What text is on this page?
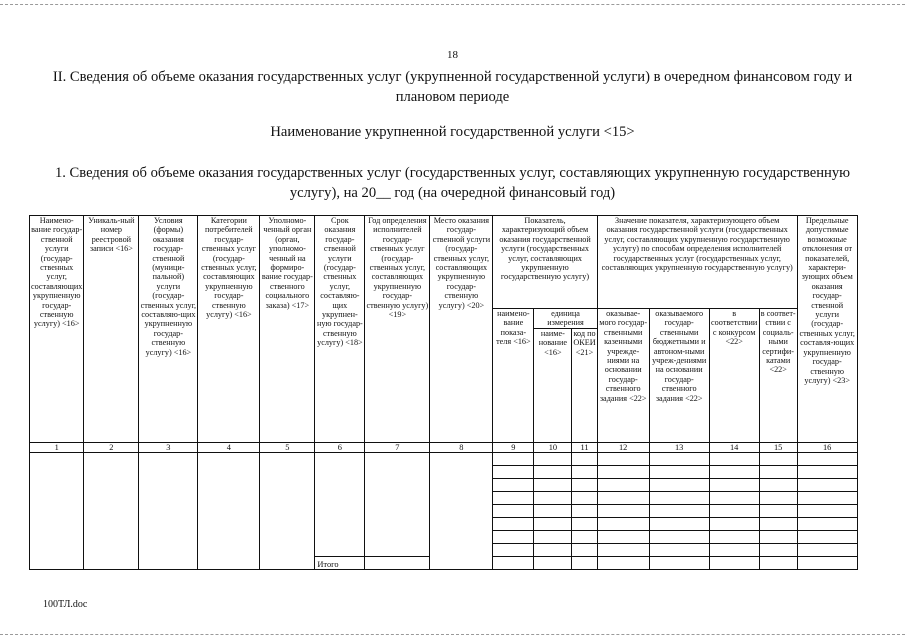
18
II. Сведения об объеме оказания государственных услуг (укрупненной государственной услуги) в очередном финансовом году и плановом периоде
Наименование укрупненной государственной услуги <15>
1. Сведения об объеме оказания государственных услуг (государственных услуг, составляющих укрупненную государственную услугу), на 20__ год (на очередной финансовый год)
Наимено-вание государ-ственной услуги (государ-ственных услуг, составляющих укрупненную государ-ственную услугу) <16>	Уникаль-ный номер реестровой записи <16>	Условия (формы) оказания государ-ственной (муници-пальной) услуги (государ-ственных услуг, составляю-щих укрупненную государ-ственную услугу) <16>	Категории потребителей государ-ственных услуг (государ-ственных услуг, составляющих укрупненную государ-ственную услугу) <16>	Уполномо-ченный орган (орган, уполномо-ченный на формиро-вание государ-ственного социального заказа) <17>	Срок оказания государ-ственной услуги (государ-ственных услуг, составляю-щих укрупнен-ную государ-ственную услугу) <18>	Год определения исполнителей государ-ственных услуг (государ-ственных услуг, составляющих укрупненную государ-ственную услугу) <19>	Место оказания государ-ственной услуги (государ-ственных услуг, составляющих укрупненную государ-ственную услугу) <20>	Показатель, характеризующий объем оказания государственной услуги (государственных услуг, составляющих укрупненную государственную услугу)			Значение показателя, характеризующего объем оказания государственной услуги (государственных услуг, составляющих укрупненную государственную услугу) по способам определения исполнителей государственных услуг (государственных услуг, составляющих укрупненную государственную услугу)				Предельные допустимые возможные отклонения от показателей, характери-зующих объем оказания государ-ственной услуги (государ-ственных услуг, составля-ющих укрупненную государ-ственную услугу) <23>
								наимено-вание показа-теля <16>	единица измерения		оказывае-мого государ-ственными казенными учрежде-ниями на основании государ-ственного задания <22>	оказываемого государ-ственными бюджетными и автоном-ными учреж-дениями на основании государ-ственного задания <22>	в соответствии с конкурсом <22>	в соответ-ствии с социаль-ными сертифи-катами <22>	
									наиме-нование <16>	код по ОКЕИ <21>					
1	2	3	4	5	6	7	8	9	10	11	12	13	14	15	16

					Итого										
100ТЛ.doc
